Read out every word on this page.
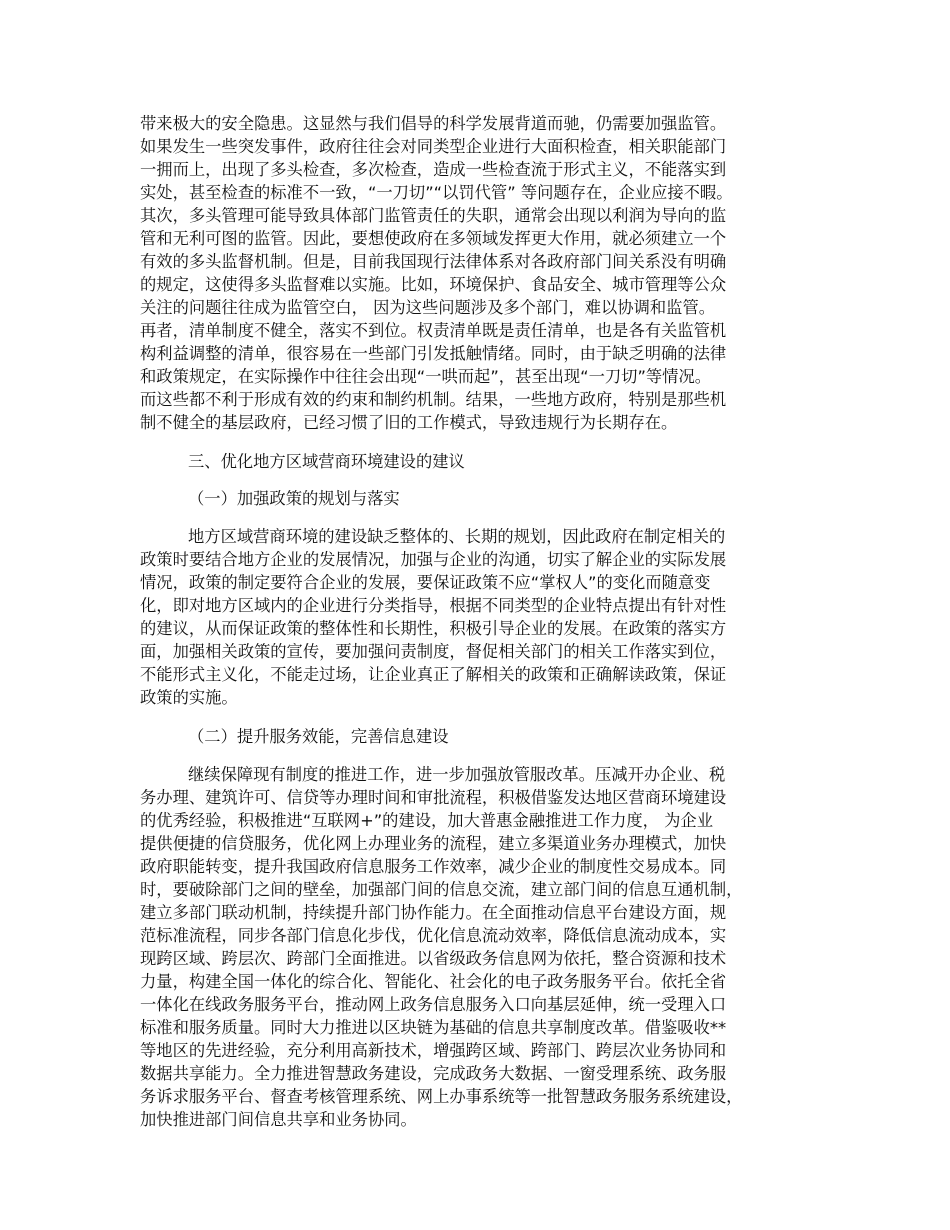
带来极大的安全隐患。这显然与我们倡导的科学发展背道而驰，仍需要加强监管。
如果发生一些突发事件，政府往往会对同类型企业进行大面积检查，相关职能部门
一拥而上，出现了多头检查，多次检查，造成一些检查流于形式主义，不能落实到
实处，甚至检查的标准不一致，“一刀切”“以罚代管” 等问题存在，企业应接不暇。
其次，多头管理可能导致具体部门监管责任的失职，通常会出现以利润为导向的监
管和无利可图的监管。因此，要想使政府在多领域发挥更大作用，就必须建立一个
有效的多头监督机制。但是，目前我国现行法律体系对各政府部门间关系没有明确
的规定，这使得多头监督难以实施。比如，环境保护、食品安全、城市管理等公众
关注的问题往往成为监管空白， 因为这些问题涉及多个部门，难以协调和监管。
再者，清单制度不健全，落实不到位。权责清单既是责任清单，也是各有关监管机
构利益调整的清单，很容易在一些部门引发抵触情绪。同时，由于缺乏明确的法律
和政策规定，在实际操作中往往会出现“一哄而起”，甚至出现“一刀切”等情况。
而这些都不利于形成有效的约束和制约机制。结果，一些地方政府，特别是那些机
制不健全的基层政府，已经习惯了旧的工作模式，导致违规行为长期存在。
三、优化地方区域营商环境建设的建议
（一）加强政策的规划与落实
地方区域营商环境的建设缺乏整体的、长期的规划，因此政府在制定相关的
政策时要结合地方企业的发展情况，加强与企业的沟通，切实了解企业的实际发展
情况，政策的制定要符合企业的发展，要保证政策不应“掌权人”的变化而随意变
化，即对地方区域内的企业进行分类指导，根据不同类型的企业特点提出有针对性
的建议，从而保证政策的整体性和长期性，积极引导企业的发展。在政策的落实方
面，加强相关政策的宣传，要加强问责制度，督促相关部门的相关工作落实到位，
不能形式主义化，不能走过场，让企业真正了解相关的政策和正确解读政策，保证
政策的实施。
（二）提升服务效能，完善信息建设
继续保障现有制度的推进工作，进一步加强放管服改革。压减开办企业、税
务办理、建筑许可、信贷等办理时间和审批流程，积极借鉴发达地区营商环境建设
的优秀经验，积极推进“互联网+”的建设，加大普惠金融推进工作力度， 为企业
提供便捷的信贷服务，优化网上办理业务的流程，建立多渠道业务办理模式，加快
政府职能转变，提升我国政府信息服务工作效率，减少企业的制度性交易成本。同
时，要破除部门之间的壁垒，加强部门间的信息交流，建立部门间的信息互通机制，
建立多部门联动机制，持续提升部门协作能力。在全面推动信息平台建设方面，规
范标准流程，同步各部门信息化步伐，优化信息流动效率，降低信息流动成本，实
现跨区域、跨层次、跨部门全面推进。以省级政务信息网为依托，整合资源和技术
力量，构建全国一体化的综合化、智能化、社会化的电子政务服务平台。依托全省
一体化在线政务服务平台，推动网上政务信息服务入口向基层延伸，统一受理入口
标准和服务质量。同时大力推进以区块链为基础的信息共享制度改革。借鉴吸收**
等地区的先进经验，充分利用高新技术，增强跨区域、跨部门、跨层次业务协同和
数据共享能力。全力推进智慧政务建设，完成政务大数据、一窗受理系统、政务服
务诉求服务平台、督查考核管理系统、网上办事系统等一批智慧政务服务系统建设，
加快推进部门间信息共享和业务协同。
